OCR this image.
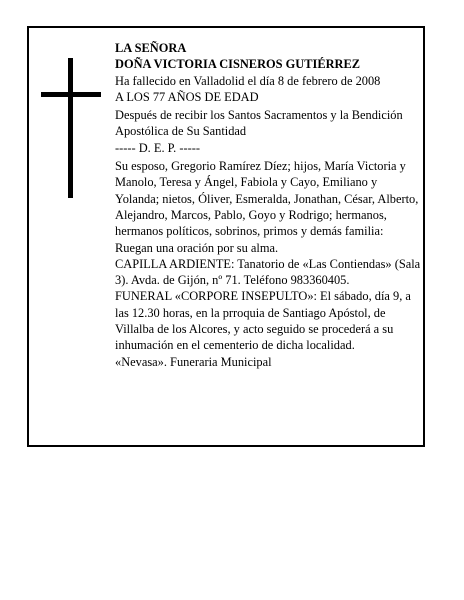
LA SEÑORA

DOÑA VICTORIA CISNEROS GUTIÉRREZ

Ha fallecido en Valladolid el día 8 de febrero de 2008

A LOS 77 AÑOS DE EDAD

Después de recibir los Santos Sacramentos y la Bendición Apostólica de Su Santidad

----- D. E. P. -----

Su esposo, Gregorio Ramírez Díez; hijos, María Victoria y Manolo, Teresa y Ángel, Fabiola y Cayo, Emiliano y Yolanda; nietos, Óliver, Esmeralda, Jonathan, César, Alberto, Alejandro, Marcos, Pablo, Goyo y Rodrigo; hermanos, hermanos políticos, sobrinos, primos y demás familia:

Ruegan una oración por su alma.

CAPILLA ARDIENTE: Tanatorio de «Las Contiendas» (Sala 3). Avda. de Gijón, nº 71. Teléfono 983360405.

FUNERAL «CORPORE INSEPULTO»: El sábado, día 9, a las 12.30 horas, en la prroquia de Santiago Apóstol, de Villalba de los Alcores, y acto seguido se procederá a su inhumación en el cementerio de dicha localidad.

«Nevasa». Funeraria Municipal
